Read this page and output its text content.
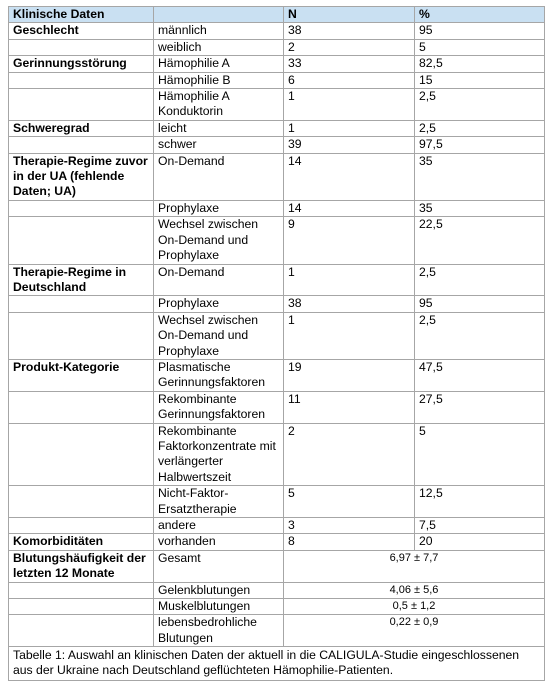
Klinische Daten		N	%
Geschlecht	männlich	38	95
	weiblich	2	5
Gerinnungsstörung	Hämophilie A	33	82,5
	Hämophilie B	6	15
	Hämophilie A Konduktorin	1	2,5
Schweregrad	leicht	1	2,5
	schwer	39	97,5
Therapie-Regime zuvor in der UA (fehlende Daten; UA)	On-Demand	14	35
	Prophylaxe	14	35
	Wechsel zwischen On-Demand und Prophylaxe	9	22,5
Therapie-Regime in Deutschland	On-Demand	1	2,5
	Prophylaxe	38	95
	Wechsel zwischen On-Demand und Prophylaxe	1	2,5
Produkt-Kategorie	Plasmatische Gerinnungsfaktoren	19	47,5
	Rekombinante Gerinnungsfaktoren	11	27,5
	Rekombinante Faktorkonzentrate mit verlängerter Halbwertszeit	2	5
	Nicht-Faktor-Ersatztherapie	5	12,5
	andere	3	7,5
Komorbiditäten	vorhanden	8	20
Blutungshäufigkeit der letzten 12 Monate	Gesamt	6,97 ± 7,7	
	Gelenkblutungen	4,06 ± 5,6	
	Muskelblutungen	0,5 ± 1,2	
	lebensbedrohliche Blutungen	0,22 ± 0,9	
Tabelle 1: Auswahl an klinischen Daten der aktuell in die CALIGULA-Studie eingeschlossenen aus der Ukraine nach Deutschland geflüchteten Hämophilie-Patienten.			
